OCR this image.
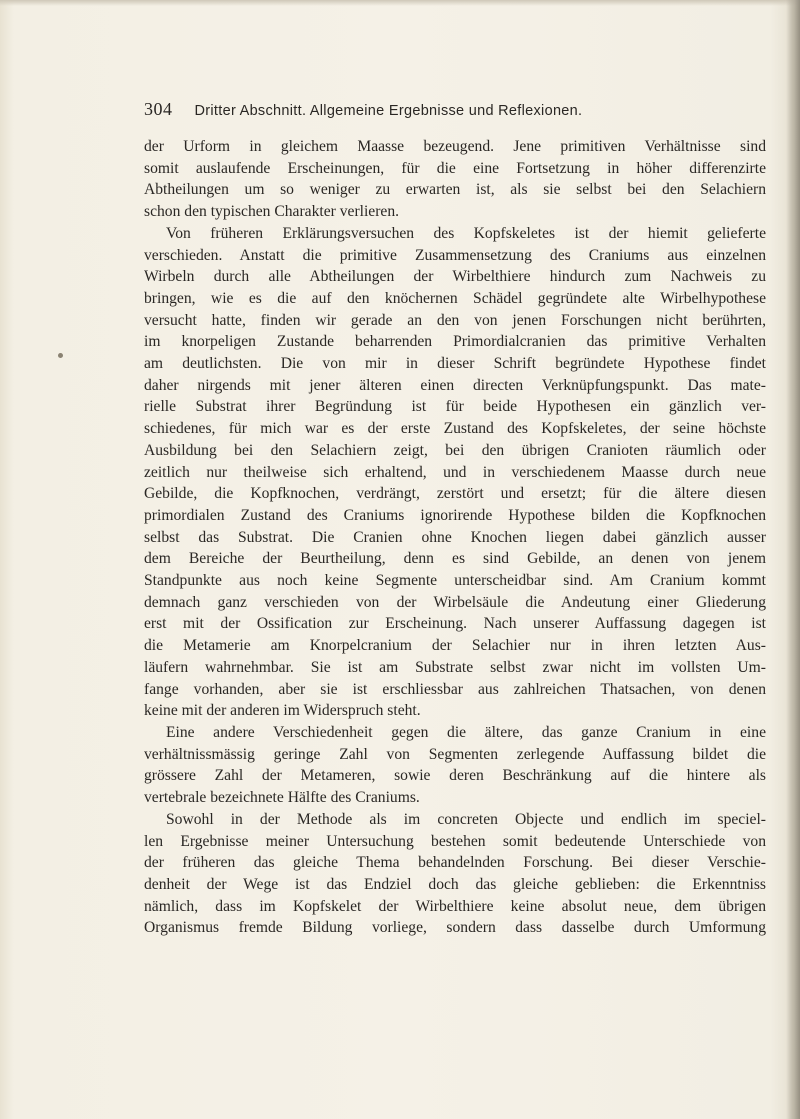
304 Dritter Abschnitt. Allgemeine Ergebnisse und Reflexionen.

der Urform in gleichem Maasse bezeugend. Jene primitiven Verhältnisse sind

somit auslaufende Erscheinungen, für die eine Fortsetzung in höher differenzirte

Abtheilungen um so weniger zu erwarten ist, als sie selbst bei den Selachiern

schon den typischen Charakter verlieren.

Von früheren Erklärungsversuchen des Kopfskeletes ist der hiemit gelieferte

verschieden. Anstatt die primitive Zusammensetzung des Craniums aus einzelnen

Wirbeln durch alle Abtheilungen der Wirbelthiere hindurch zum Nachweis zu

bringen, wie es die auf den knöchernen Schädel gegründete alte Wirbelhypothese

versucht hatte, finden wir gerade an den von jenen Forschungen nicht berührten,

im knorpeligen Zustande beharrenden Primordialcranien das primitive Verhalten

am deutlichsten. Die von mir in dieser Schrift begründete Hypothese findet

daher nirgends mit jener älteren einen directen Verknüpfungspunkt. Das mate-

rielle Substrat ihrer Begründung ist für beide Hypothesen ein gänzlich ver-

schiedenes, für mich war es der erste Zustand des Kopfskeletes, der seine höchste

Ausbildung bei den Selachiern zeigt, bei den übrigen Cranioten räumlich oder

zeitlich nur theilweise sich erhaltend, und in verschiedenem Maasse durch neue

Gebilde, die Kopfknochen, verdrängt, zerstört und ersetzt; für die ältere diesen

primordialen Zustand des Craniums ignorirende Hypothese bilden die Kopfknochen

selbst das Substrat. Die Cranien ohne Knochen liegen dabei gänzlich ausser

dem Bereiche der Beurtheilung, denn es sind Gebilde, an denen von jenem

Standpunkte aus noch keine Segmente unterscheidbar sind. Am Cranium kommt

demnach ganz verschieden von der Wirbelsäule die Andeutung einer Gliederung

erst mit der Ossification zur Erscheinung. Nach unserer Auffassung dagegen ist

die Metamerie am Knorpelcranium der Selachier nur in ihren letzten Aus-

läufern wahrnehmbar. Sie ist am Substrate selbst zwar nicht im vollsten Um-

fange vorhanden, aber sie ist erschliessbar aus zahlreichen Thatsachen, von denen

keine mit der anderen im Widerspruch steht.

Eine andere Verschiedenheit gegen die ältere, das ganze Cranium in eine

verhältnissmässig geringe Zahl von Segmenten zerlegende Auffassung bildet die

grössere Zahl der Metameren, sowie deren Beschränkung auf die hintere als

vertebrale bezeichnete Hälfte des Craniums.

Sowohl in der Methode als im concreten Objecte und endlich im speciel-

len Ergebnisse meiner Untersuchung bestehen somit bedeutende Unterschiede von

der früheren das gleiche Thema behandelnden Forschung. Bei dieser Verschie-

denheit der Wege ist das Endziel doch das gleiche geblieben: die Erkenntniss

nämlich, dass im Kopfskelet der Wirbelthiere keine absolut neue, dem übrigen

Organismus fremde Bildung vorliege, sondern dass dasselbe durch Umformung
